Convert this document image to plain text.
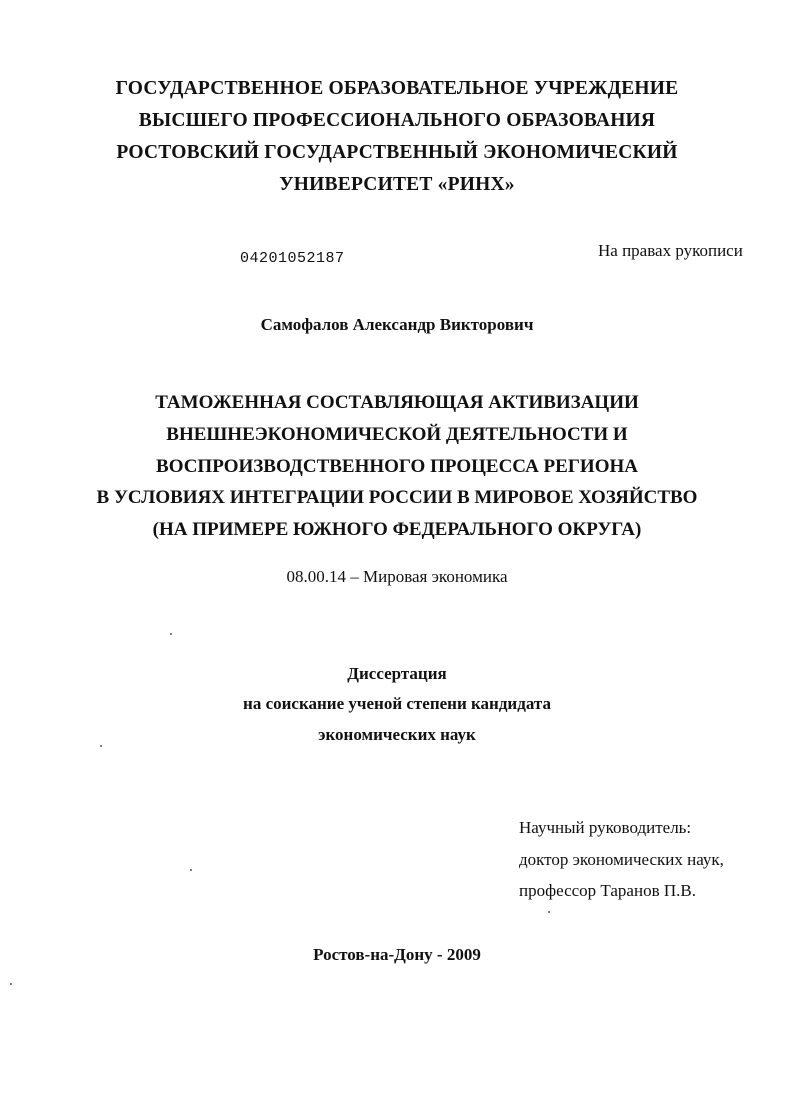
ГОСУДАРСТВЕННОЕ ОБРАЗОВАТЕЛЬНОЕ УЧРЕЖДЕНИЕ
ВЫСШЕГО ПРОФЕССИОНАЛЬНОГО ОБРАЗОВАНИЯ
РОСТОВСКИЙ ГОСУДАРСТВЕННЫЙ ЭКОНОМИЧЕСКИЙ
УНИВЕРСИТЕТ «РИНХ»
04201052187	На правах рукописи
Самофалов Александр Викторович
ТАМОЖЕННАЯ СОСТАВЛЯЮЩАЯ АКТИВИЗАЦИИ
ВНЕШНЕЭКОНОМИЧЕСКОЙ ДЕЯТЕЛЬНОСТИ И
ВОСПРОИЗВОДСТВЕННОГО ПРОЦЕССА РЕГИОНА
В УСЛОВИЯХ ИНТЕГРАЦИИ РОССИИ В МИРОВОЕ ХОЗЯЙСТВО
(НА ПРИМЕРЕ ЮЖНОГО ФЕДЕРАЛЬНОГО ОКРУГА)
08.00.14 – Мировая экономика
Диссертация
на соискание ученой степени кандидата
экономических наук
Научный руководитель:
доктор экономических наук,
профессор Таранов П.В.
Ростов-на-Дону - 2009
